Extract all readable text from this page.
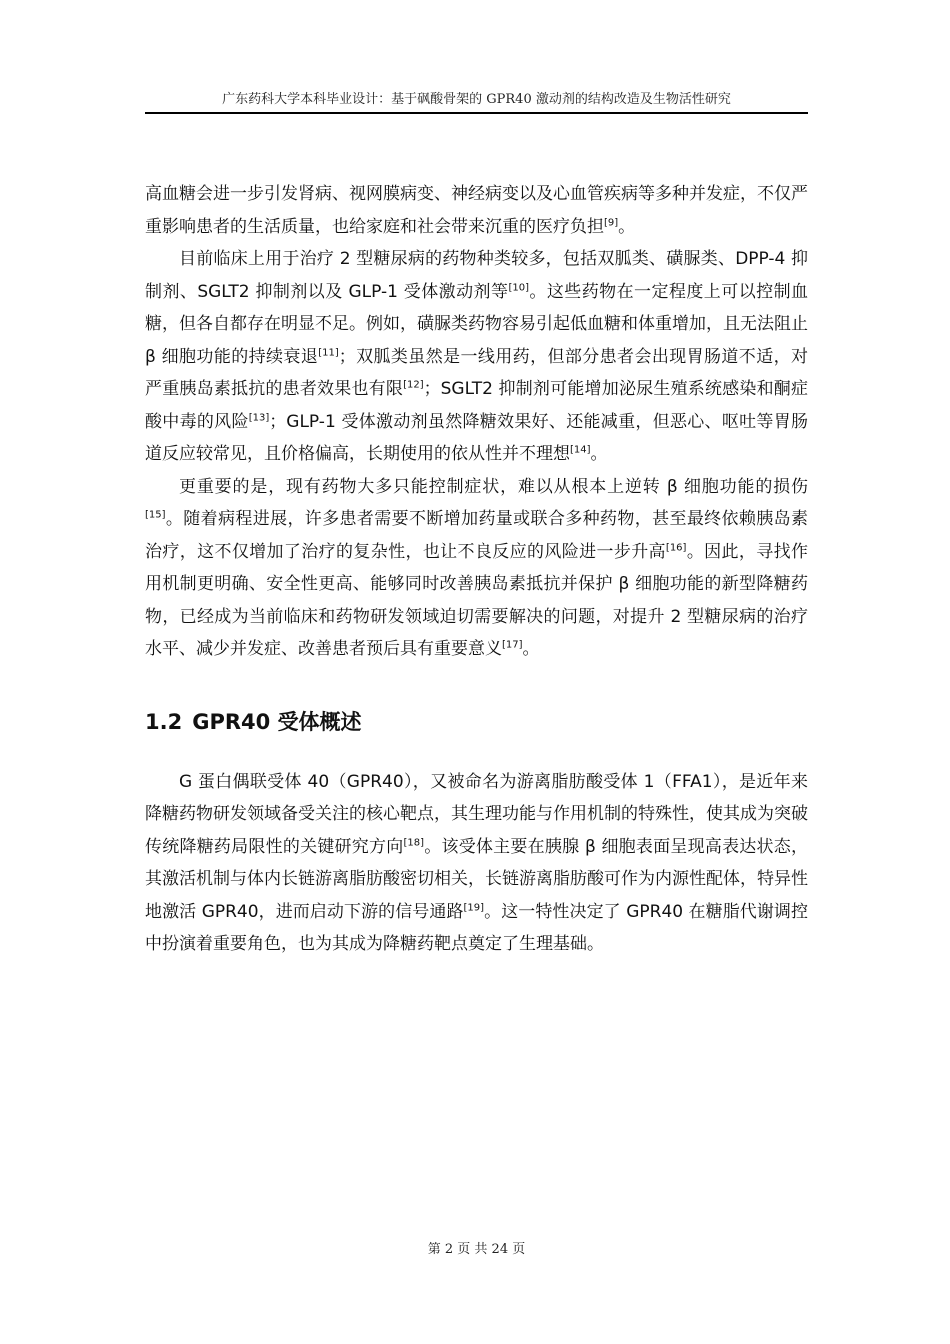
广东药科大学本科毕业设计：基于砜酸骨架的 GPR40 激动剂的结构改造及生物活性研究

高血糖会进一步引发肾病、视网膜病变、神经病变以及心血管疾病等多种并发症，不仅严重影响患者的生活质量，也给家庭和社会带来沉重的医疗负担[9]。

目前临床上用于治疗 2 型糖尿病的药物种类较多，包括双胍类、磺脲类、DPP-4 抑制剂、SGLT2 抑制剂以及 GLP-1 受体激动剂等[10]。这些药物在一定程度上可以控制血糖，但各自都存在明显不足。例如，磺脲类药物容易引起低血糖和体重增加，且无法阻止 β 细胞功能的持续衰退[11]；双胍类虽然是一线用药，但部分患者会出现胃肠道不适，对严重胰岛素抵抗的患者效果也有限[12]；SGLT2 抑制剂可能增加泌尿生殖系统感染和酮症酸中毒的风险[13]；GLP-1 受体激动剂虽然降糖效果好、还能减重，但恶心、呕吐等胃肠道反应较常见，且价格偏高，长期使用的依从性并不理想[14]。

更重要的是，现有药物大多只能控制症状，难以从根本上逆转 β 细胞功能的损伤[15]。随着病程进展，许多患者需要不断增加药量或联合多种药物，甚至最终依赖胰岛素治疗，这不仅增加了治疗的复杂性，也让不良反应的风险进一步升高[16]。因此，寻找作用机制更明确、安全性更高、能够同时改善胰岛素抵抗并保护 β 细胞功能的新型降糖药物，已经成为当前临床和药物研发领域迫切需要解决的问题，对提升 2 型糖尿病的治疗水平、减少并发症、改善患者预后具有重要意义[17]。

1.2 GPR40 受体概述

G 蛋白偶联受体 40（GPR40），又被命名为游离脂肪酸受体 1（FFA1），是近年来降糖药物研发领域备受关注的核心靶点，其生理功能与作用机制的特殊性，使其成为突破传统降糖药局限性的关键研究方向[18]。该受体主要在胰腺 β 细胞表面呈现高表达状态，其激活机制与体内长链游离脂肪酸密切相关，长链游离脂肪酸可作为内源性配体，特异性地激活 GPR40，进而启动下游的信号通路[19]。这一特性决定了 GPR40 在糖脂代谢调控中扮演着重要角色，也为其成为降糖药靶点奠定了生理基础。

第 2 页 共 24 页
